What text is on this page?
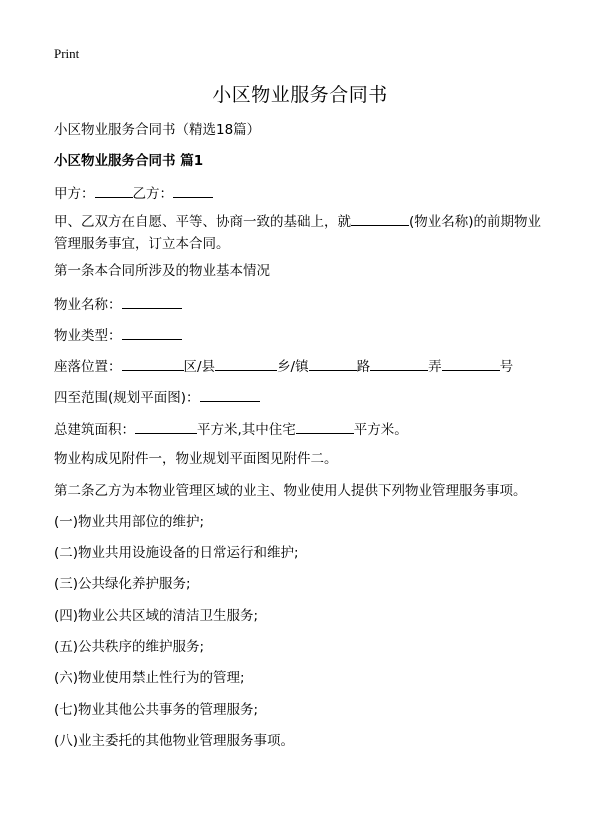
Print
小区物业服务合同书
小区物业服务合同书（精选18篇）
小区物业服务合同书 篇1
甲方：	乙方：
甲、乙双方在自愿、平等、协商一致的基础上，就	(物业名称)的前期物业管理服务事宜，订立本合同。
第一条本合同所涉及的物业基本情况
物业名称：
物业类型：
座落位置：	区/县	乡/镇	路	弄	号
四至范围(规划平面图)：
总建筑面积：	平方米,其中住宅	平方米。
物业构成见附件一，物业规划平面图见附件二。
第二条乙方为本物业管理区域的业主、物业使用人提供下列物业管理服务事项。
(一)物业共用部位的维护;
(二)物业共用设施设备的日常运行和维护;
(三)公共绿化养护服务;
(四)物业公共区域的清洁卫生服务;
(五)公共秩序的维护服务;
(六)物业使用禁止性行为的管理;
(七)物业其他公共事务的管理服务;
(八)业主委托的其他物业管理服务事项。
